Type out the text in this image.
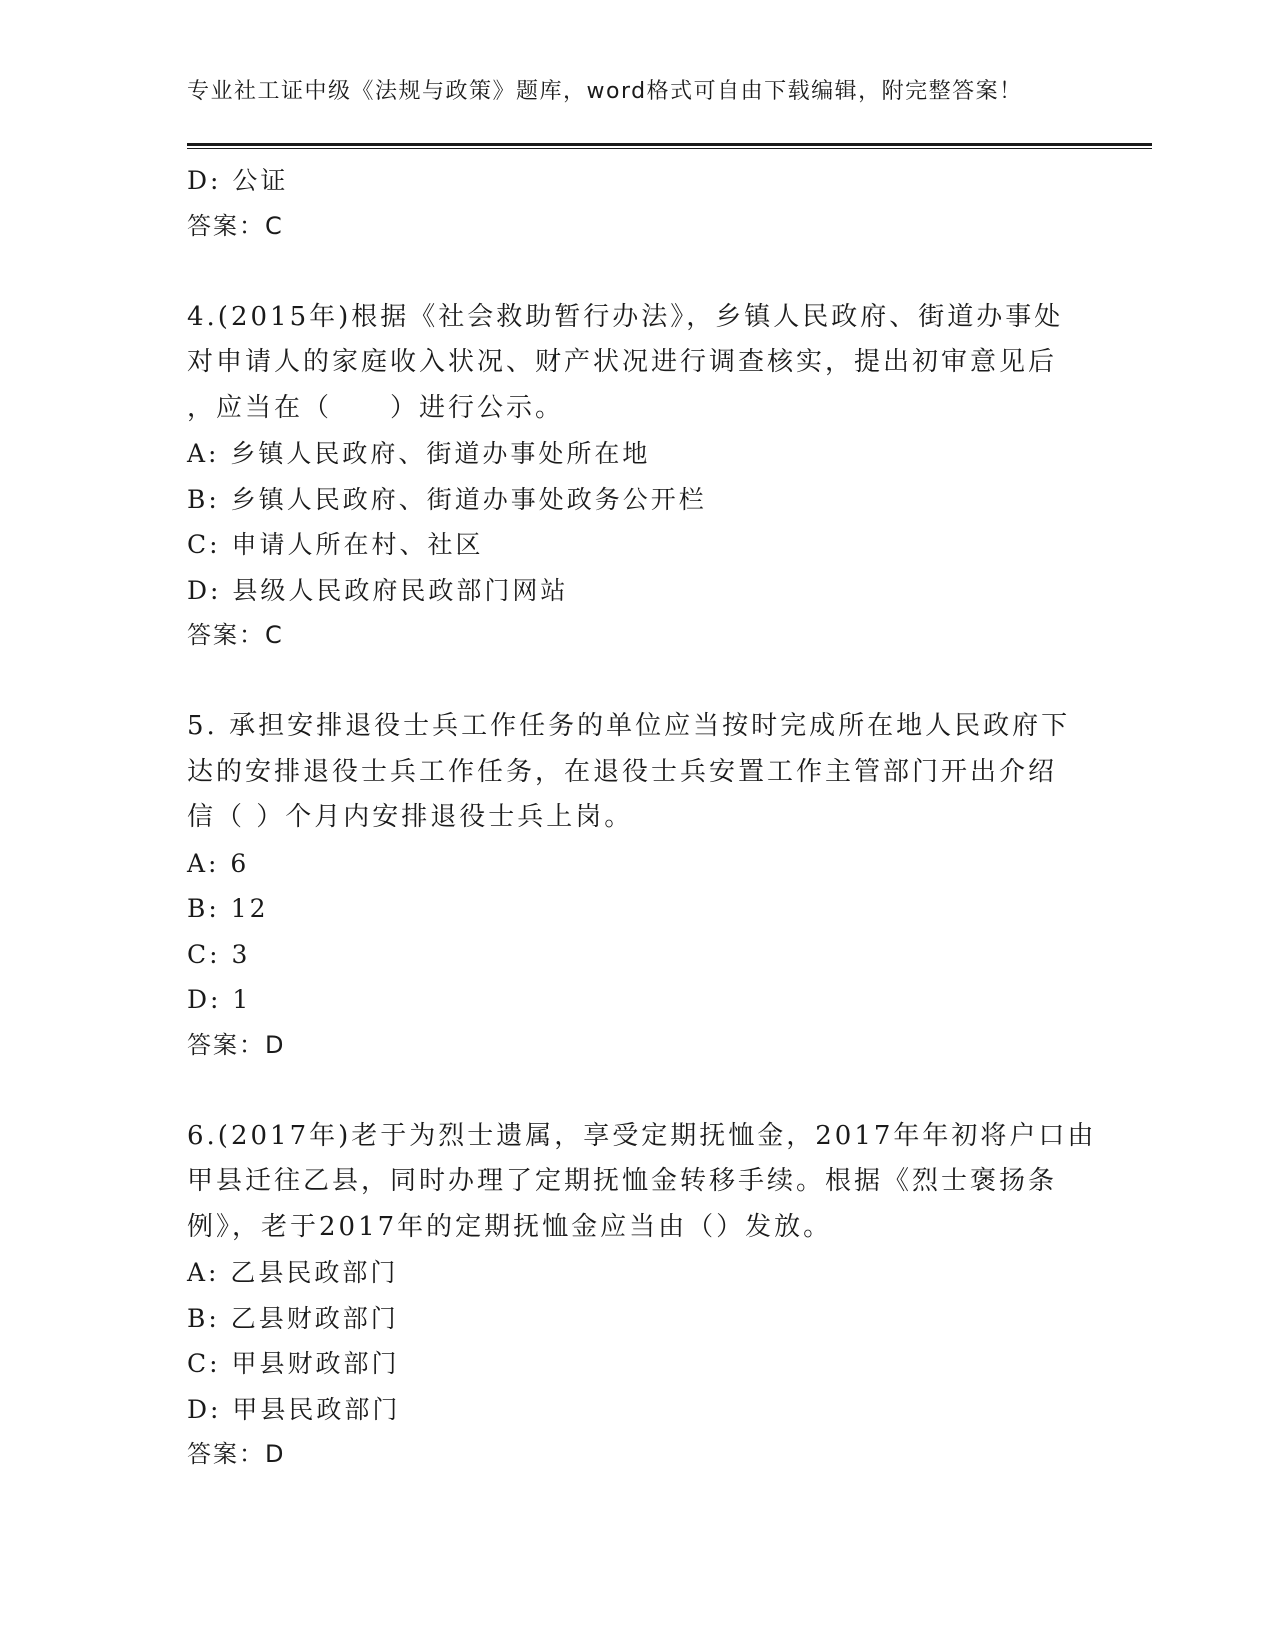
专业社工证中级《法规与政策》题库，word格式可自由下载编辑，附完整答案！
D: 公证
答案：C
4.(2015年)根据《社会救助暂行办法》，乡镇人民政府、街道办事处
对申请人的家庭收入状况、财产状况进行调查核实，提出初审意见后
，应当在（　　）进行公示。
A: 乡镇人民政府、街道办事处所在地
B: 乡镇人民政府、街道办事处政务公开栏
C: 申请人所在村、社区
D: 县级人民政府民政部门网站
答案：C
5. 承担安排退役士兵工作任务的单位应当按时完成所在地人民政府下
达的安排退役士兵工作任务，在退役士兵安置工作主管部门开出介绍
信（ ）个月内安排退役士兵上岗。
A: 6
B: 12
C: 3
D: 1
答案：D
6.(2017年)老于为烈士遗属，享受定期抚恤金，2017年年初将户口由
甲县迁往乙县，同时办理了定期抚恤金转移手续。根据《烈士褒扬条
例》，老于2017年的定期抚恤金应当由（）发放。
A: 乙县民政部门
B: 乙县财政部门
C: 甲县财政部门
D: 甲县民政部门
答案：D
